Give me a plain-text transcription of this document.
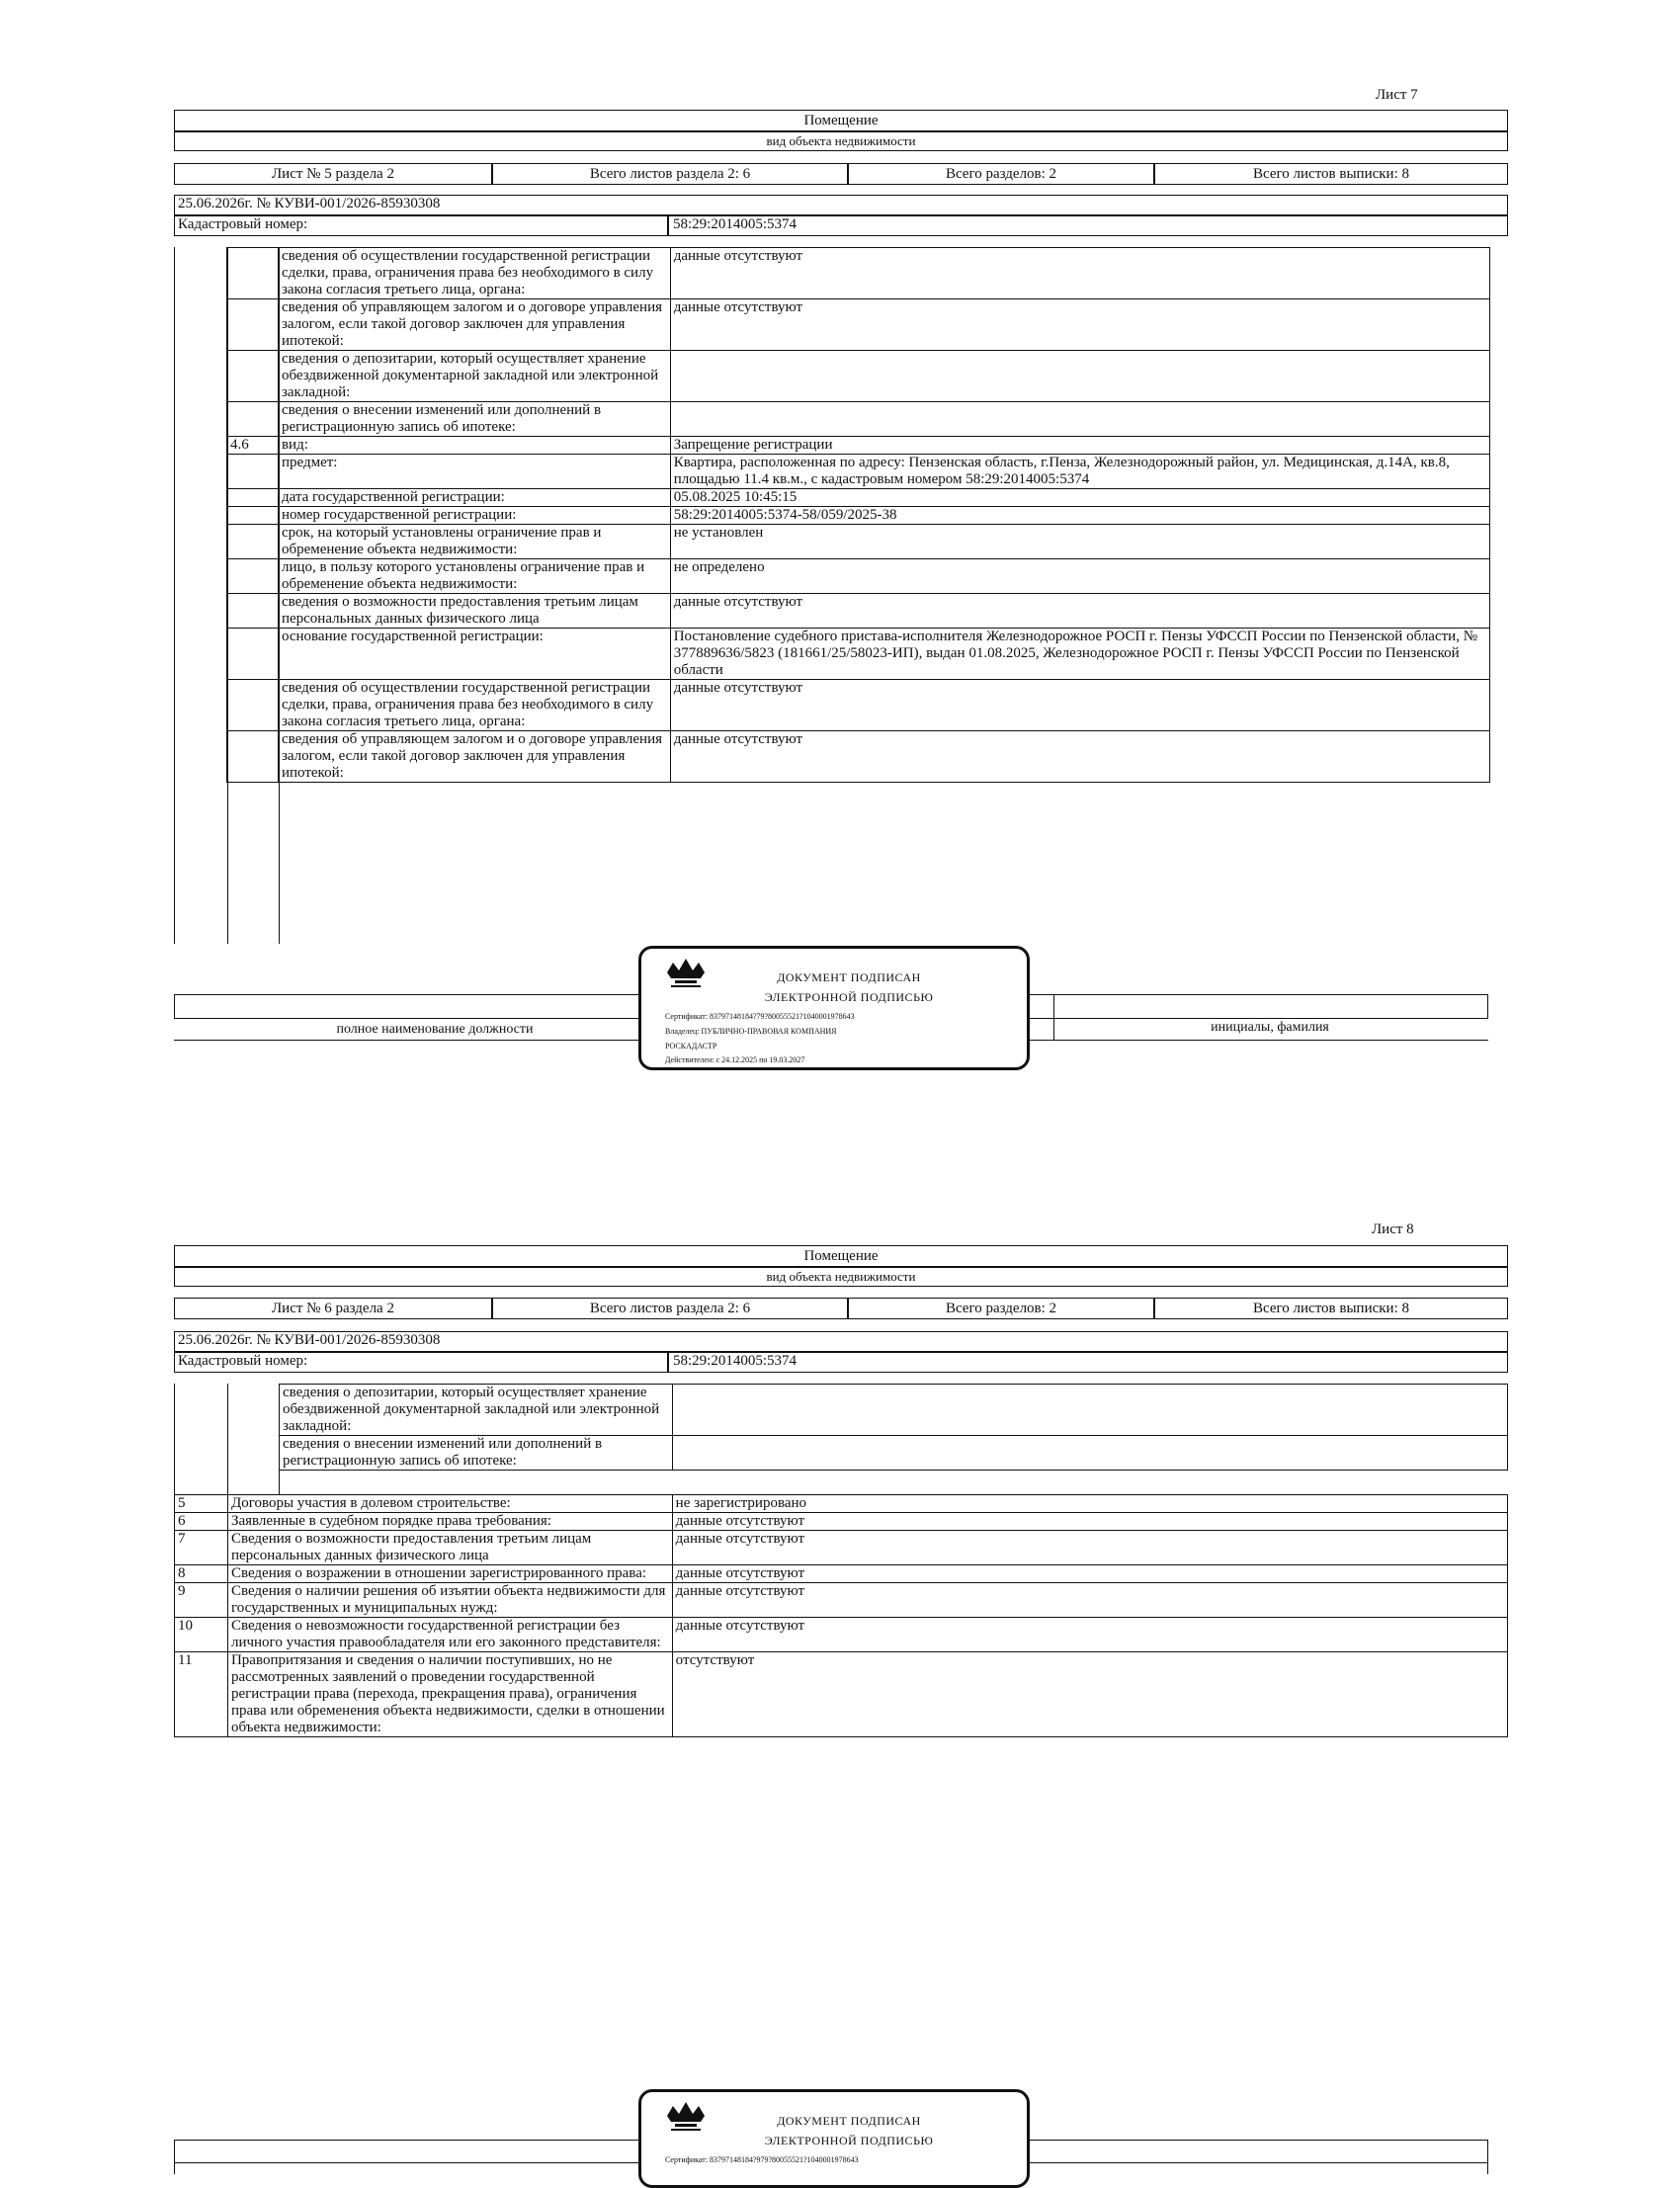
Лист 7
Помещение
вид объекта недвижимости
Лист № 5 раздела 2	Всего листов раздела 2: 6	Всего разделов: 2	Всего листов выписки: 8
25.06.2026г. № КУВИ-001/2026-85930308
Кадастровый номер:	58:29:2014005:5374
	сведения об осуществлении государственной регистрации сделки, права, ограничения права без необходимого в силу закона согласия третьего лица, органа:	данные отсутствуют
	сведения об управляющем залогом и о договоре управления залогом, если такой договор заключен для управления ипотекой:	данные отсутствуют
	сведения о депозитарии, который осуществляет хранение обездвиженной документарной закладной или электронной закладной:	
	сведения о внесении изменений или дополнений в регистрационную запись об ипотеке:	
4.6	вид:	Запрещение регистрации
	предмет:	Квартира, расположенная по адресу: Пензенская область, г.Пенза, Железнодорожный район, ул. Медицинская, д.14А, кв.8, площадью 11.4 кв.м., с кадастровым номером 58:29:2014005:5374
	дата государственной регистрации:	05.08.2025 10:45:15
	номер государственной регистрации:	58:29:2014005:5374-58/059/2025-38
	срок, на который установлены ограничение прав и обременение объекта недвижимости:	не установлен
	лицо, в пользу которого установлены ограничение прав и обременение объекта недвижимости:	не определено
	сведения о возможности предоставления третьим лицам персональных данных физического лица	данные отсутствуют
	основание государственной регистрации:	Постановление судебного пристава-исполнителя Железнодорожное РОСП г. Пензы УФССП России по Пензенской области, № 377889636/5823 (181661/25/58023-ИП), выдан 01.08.2025, Железнодорожное РОСП г. Пензы УФССП России по Пензенской области
	сведения об осуществлении государственной регистрации сделки, права, ограничения права без необходимого в силу закона согласия третьего лица, органа:	данные отсутствуют
	сведения об управляющем залогом и о договоре управления залогом, если такой договор заключен для управления ипотекой:	данные отсутствуют
полное наименование должности	инициалы, фамилия
ДОКУМЕНТ ПОДПИСАН
ЭЛЕКТРОННОЙ ПОДПИСЬЮ
Сертификат: 83797148184?79?80055521?1040001978643
Владелец: ПУБЛИЧНО-ПРАВОВАЯ КОМПАНИЯ
РОСКАДАСТР
Действителен: с 24.12.2025 по 19.03.2027
Лист 8
Помещение
вид объекта недвижимости
Лист № 6 раздела 2	Всего листов раздела 2: 6	Всего разделов: 2	Всего листов выписки: 8
25.06.2026г. № КУВИ-001/2026-85930308
Кадастровый номер:	58:29:2014005:5374
сведения о депозитарии, который осуществляет хранение обездвиженной документарной закладной или электронной закладной:	
сведения о внесении изменений или дополнений в регистрационную запись об ипотеке:	
5	Договоры участия в долевом строительстве:	не зарегистрировано
6	Заявленные в судебном порядке права требования:	данные отсутствуют
7	Сведения о возможности предоставления третьим лицам персональных данных физического лица	данные отсутствуют
8	Сведения о возражении в отношении зарегистрированного права:	данные отсутствуют
9	Сведения о наличии решения об изъятии объекта недвижимости для государственных и муниципальных нужд:	данные отсутствуют
10	Сведения о невозможности государственной регистрации без личного участия правообладателя или его законного представителя:	данные отсутствуют
11	Правопритязания и сведения о наличии поступивших, но не рассмотренных заявлений о проведении государственной регистрации права (перехода, прекращения права), ограничения права или обременения объекта недвижимости, сделки в отношении объекта недвижимости:	отсутствуют
ДОКУМЕНТ ПОДПИСАН
ЭЛЕКТРОННОЙ ПОДПИСЬЮ
Сертификат: 83797148184?979?80055521?1040001978643
